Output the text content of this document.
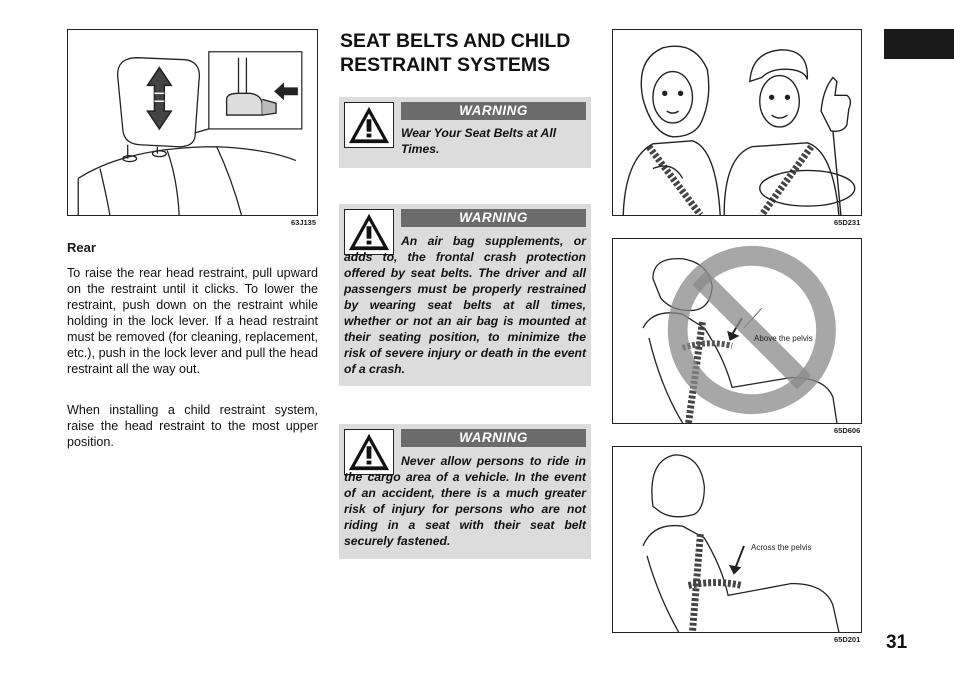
63J135
Rear
To raise the rear head restraint, pull upward on the restraint until it clicks. To lower the restraint, push down on the restraint while holding in the lock lever. If a head restraint must be removed (for cleaning, replacement, etc.), push in the lock lever and pull the head restraint all the way out.
When installing a child restraint system, raise the head restraint to the most upper position.
SEAT BELTS AND CHILD
RESTRAINT SYSTEMS
WARNING
Wear Your Seat Belts at All Times.
WARNING
An air bag supplements, or adds to, the frontal crash protection offered by seat belts. The driver and all passengers must be properly restrained by wearing seat belts at all times, whether or not an air bag is mounted at their seating position, to minimize the risk of severe injury or death in the event of a crash.
WARNING
Never allow persons to ride in the cargo area of a vehicle. In the event of an accident, there is a much greater risk of injury for persons who are not riding in a seat with their seat belt securely fastened.
65D231
Above the pelvis
65D606
Across the pelvis
65D201 31
